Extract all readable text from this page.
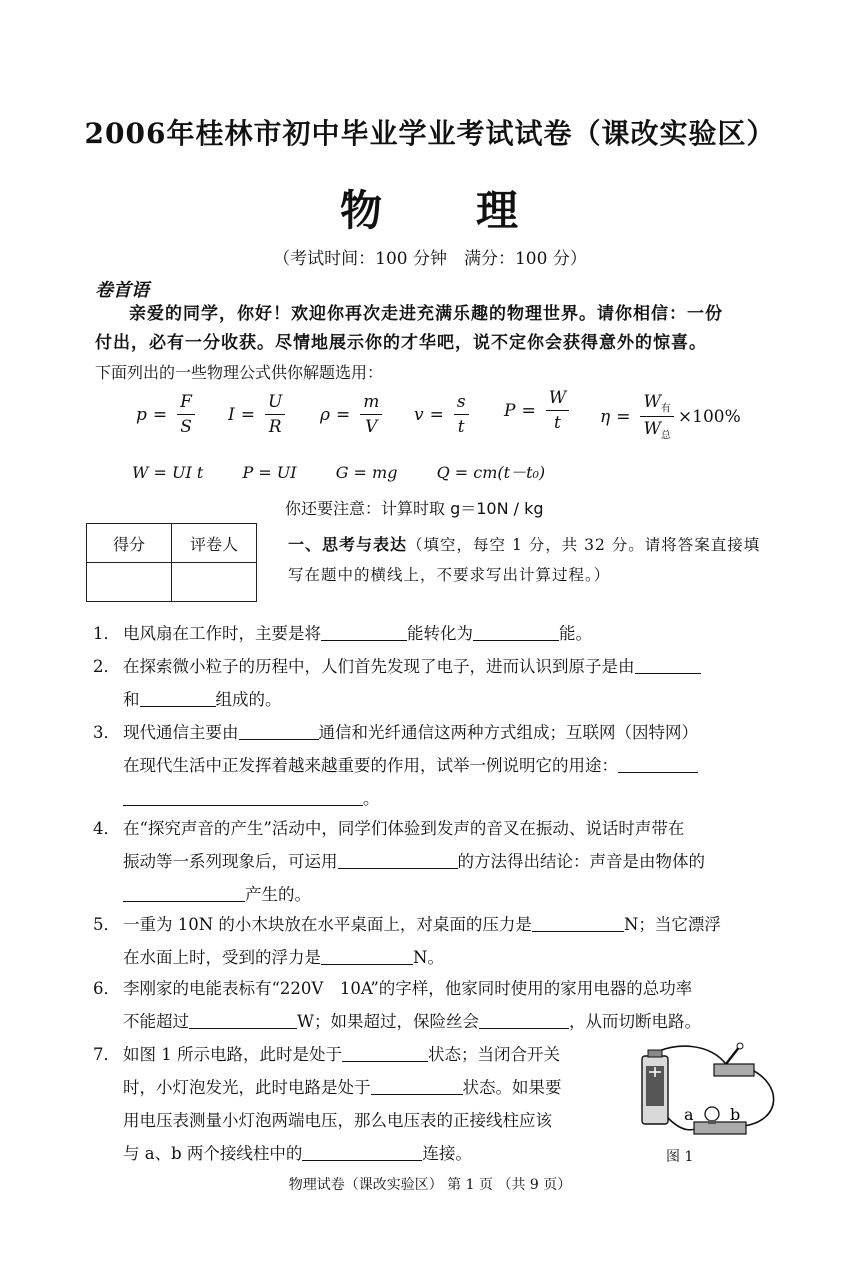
2006年桂林市初中毕业学业考试试卷（课改实验区）
物 理
（考试时间：100 分钟　满分：100 分）
卷首语
亲爱的同学，你好！欢迎你再次走进充满乐趣的物理世界。请你相信：一份
付出，必有一分收获。尽情地展示你的才华吧，说不定你会获得意外的惊喜。
下面列出的一些物理公式供你解题选用：
$p = \frac{F}{S}$ $I = \frac{U}{R}$ $\rho = \frac{m}{V}$ $v = \frac{s}{t}$ $P = \frac{W}{t}$ $\eta = \frac{W_有}{W_总} \times 100\%$
W = UI t P = UI G = mg Q = cm(t－t₀)
你还要注意：计算时取 g＝10N / kg
得分	评卷人
		一、思考与表达（填空，每空 1 分，共 32 分。请将答案直接填写在题中的横线上，不要求写出计算过程。）
1． 电风扇在工作时，主要是将	能转化为	能。
2． 在探索微小粒子的历程中，人们首先发现了电子，进而认识到原子是由
和	组成的。
3． 现代通信主要由	通信和光纤通信这两种方式组成；互联网（因特网）
在现代生活中正发挥着越来越重要的作用，试举一例说明它的用途：
。
4． 在“探究声音的产生”活动中，同学们体验到发声的音叉在振动、说话时声带在
振动等一系列现象后，可运用	的方法得出结论：声音是由物体的
产生的。
5． 一重为 10N 的小木块放在水平桌面上，对桌面的压力是	N；当它漂浮
在水面上时，受到的浮力是	N。
6． 李刚家的电能表标有“220V　10A”的字样，他家同时使用的家用电器的总功率
不能超过	W；如果超过，保险丝会	，从而切断电路。
7． 如图 1 所示电路，此时是处于	状态；当闭合开关
时，小灯泡发光，此时电路是处于	状态。如果要
用电压表测量小灯泡两端电压，那么电压表的正接线柱应该
与 a、b 两个接线柱中的	连接。
a b
图 1
物理试卷（课改实验区） 第 1 页 （共 9 页）
